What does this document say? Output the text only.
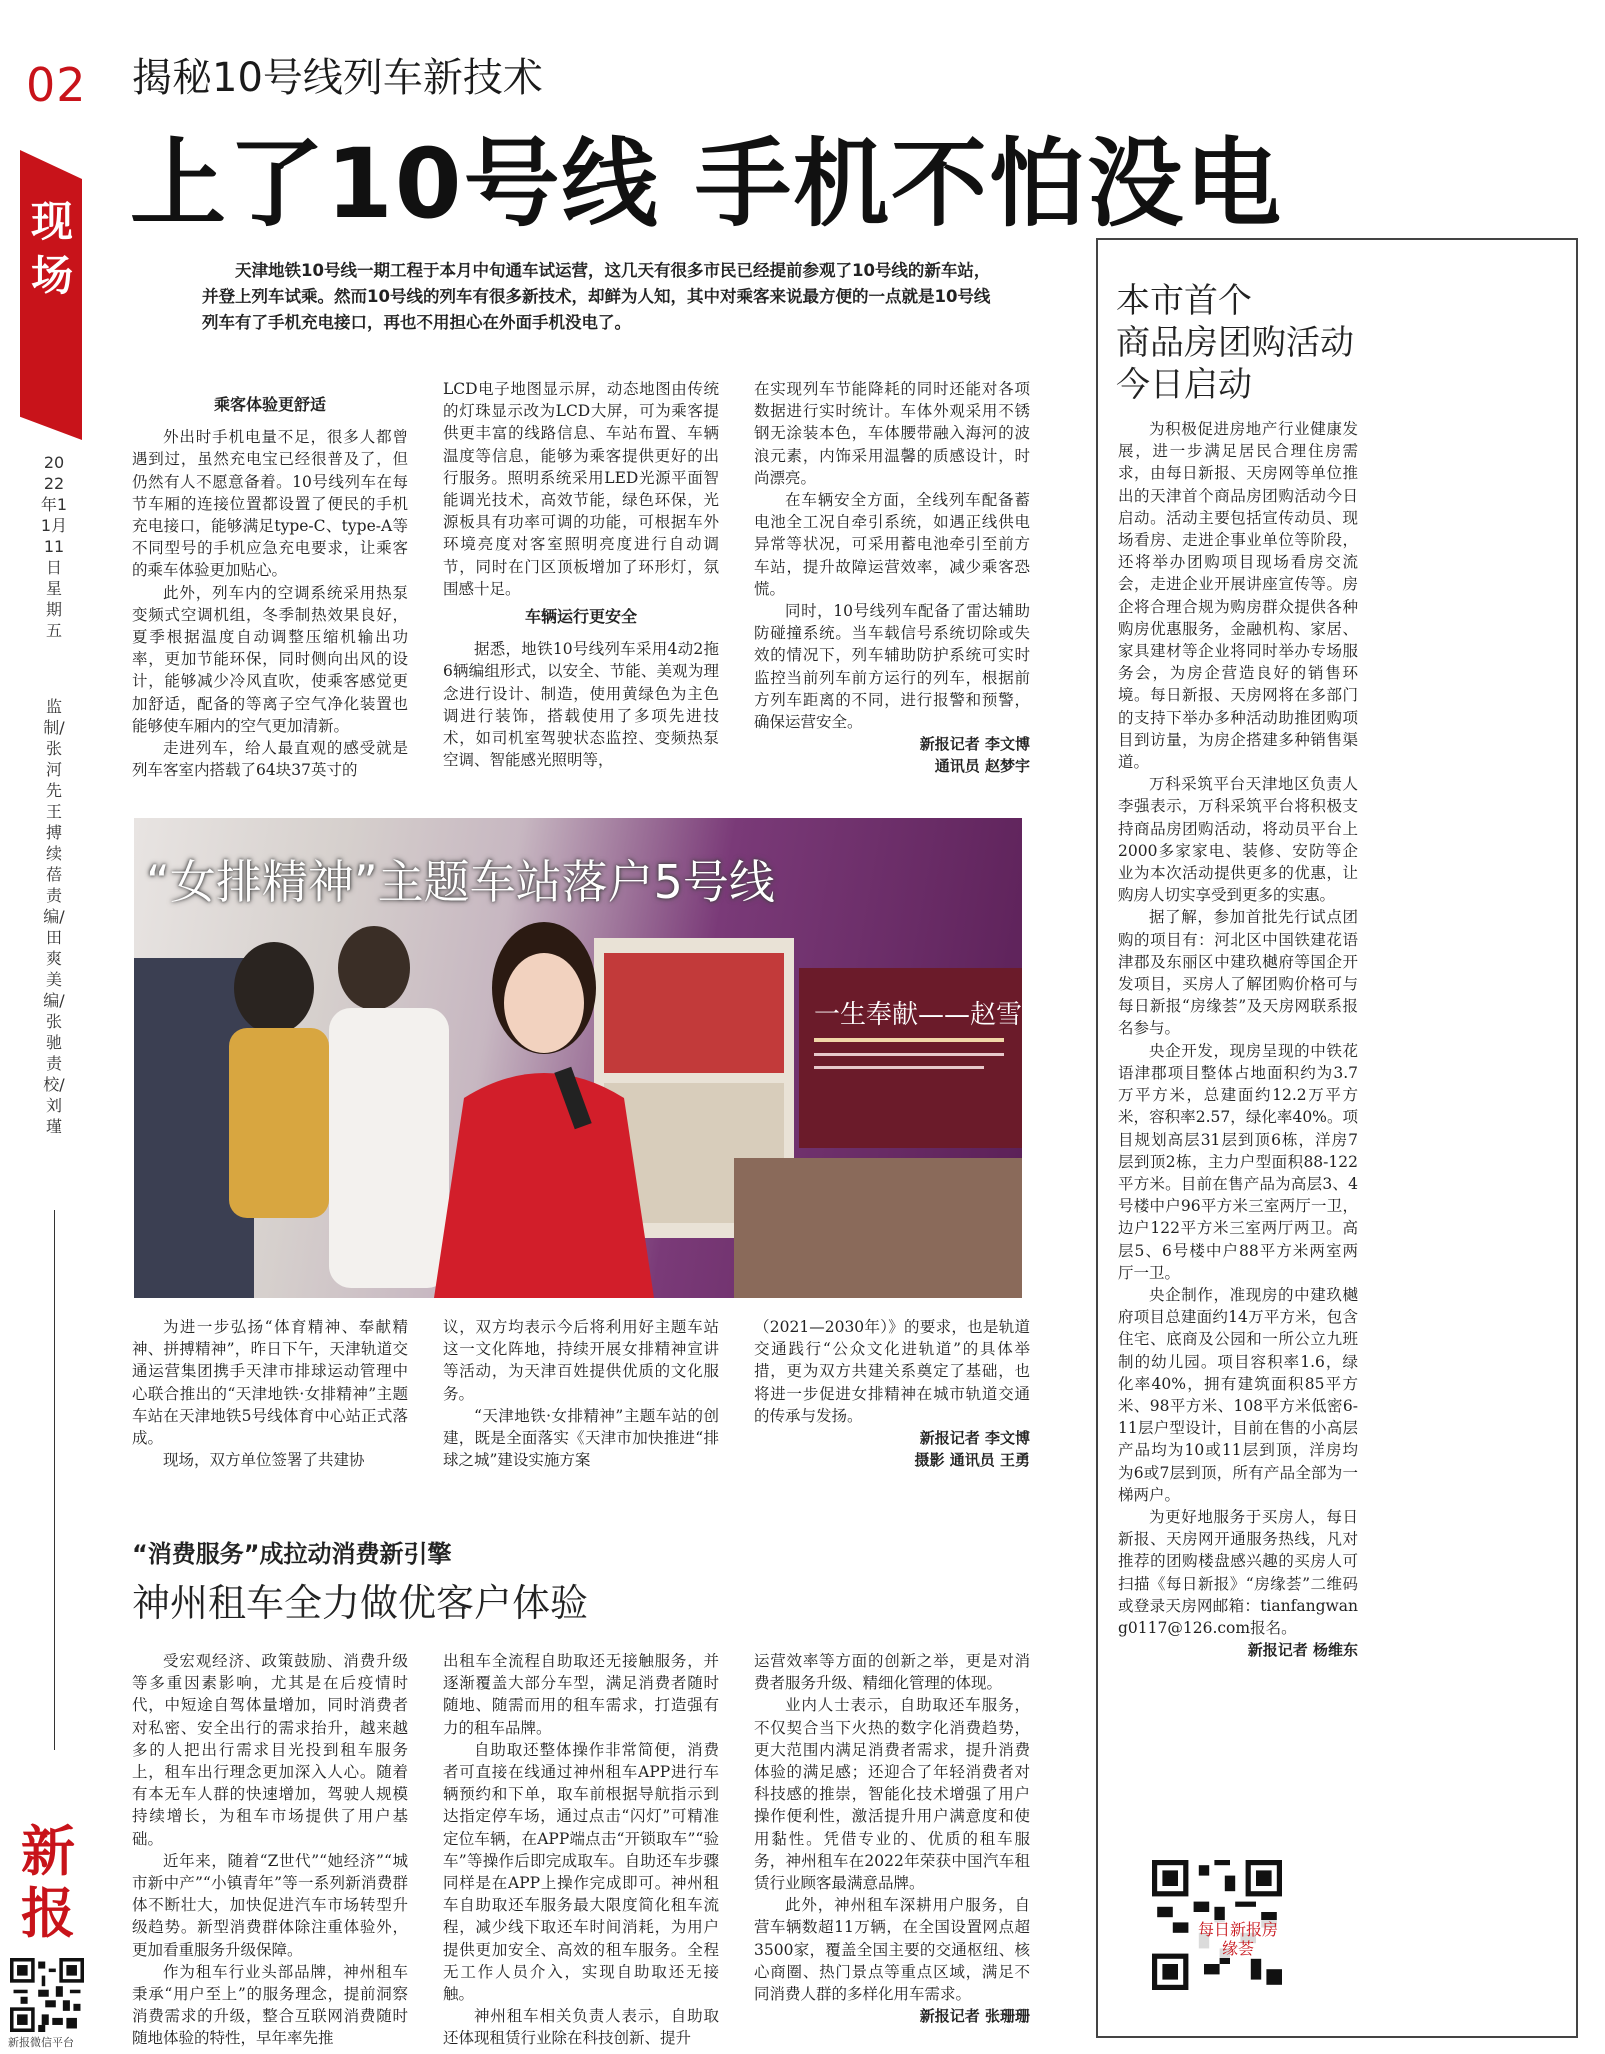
02
现场
2022年11月11日 星期五
监制/张河先 王搏 续蓓 责编/田爽 美编/张驰 责校/刘瑾
新报
新报微信平台
揭秘10号线列车新技术
上了10号线 手机不怕没电
天津地铁10号线一期工程于本月中旬通车试运营，这几天有很多市民已经提前参观了10号线的新车站，并登上列车试乘。然而10号线的列车有很多新技术，却鲜为人知，其中对乘客来说最方便的一点就是10号线列车有了手机充电接口，再也不用担心在外面手机没电了。
乘客体验更舒适

外出时手机电量不足，很多人都曾遇到过，虽然充电宝已经很普及了，但仍然有人不愿意备着。10号线列车在每节车厢的连接位置都设置了便民的手机充电接口，能够满足type-C、type-A等不同型号的手机应急充电要求，让乘客的乘车体验更加贴心。

此外，列车内的空调系统采用热泵变频式空调机组，冬季制热效果良好，夏季根据温度自动调整压缩机输出功率，更加节能环保，同时侧向出风的设计，能够减少冷风直吹，使乘客感觉更加舒适，配备的等离子空气净化装置也能够使车厢内的空气更加清新。

走进列车，给人最直观的感受就是列车客室内搭载了64块37英寸的

LCD电子地图显示屏，动态地图由传统的灯珠显示改为LCD大屏，可为乘客提供更丰富的线路信息、车站布置、车辆温度等信息，能够为乘客提供更好的出行服务。照明系统采用LED光源平面智能调光技术，高效节能，绿色环保，光源板具有功率可调的功能，可根据车外环境亮度对客室照明亮度进行自动调节，同时在门区顶板增加了环形灯，氛围感十足。

车辆运行更安全

据悉，地铁10号线列车采用4动2拖6辆编组形式，以安全、节能、美观为理念进行设计、制造，使用黄绿色为主色调进行装饰，搭载使用了多项先进技术，如司机室驾驶状态监控、变频热泵空调、智能感光照明等，

在实现列车节能降耗的同时还能对各项数据进行实时统计。车体外观采用不锈钢无涂装本色，车体腰带融入海河的波浪元素，内饰采用温馨的质感设计，时尚漂亮。

在车辆安全方面，全线列车配备蓄电池全工况自牵引系统，如遇正线供电异常等状况，可采用蓄电池牵引至前方车站，提升故障运营效率，减少乘客恐慌。

同时，10号线列车配备了雷达辅助防碰撞系统。当车载信号系统切除或失效的情况下，列车辅助防护系统可实时监控当前列车前方运行的列车，根据前方列车距离的不同，进行报警和预警，确保运营安全。

新报记者 李文博
通讯员 赵梦宇
一生奉献——赵雪瑛
“女排精神”主题车站落户5号线

为进一步弘扬“体育精神、奉献精神、拼搏精神”，昨日下午，天津轨道交通运营集团携手天津市排球运动管理中心联合推出的“天津地铁·女排精神”主题车站在天津地铁5号线体育中心站正式落成。

现场，双方单位签署了共建协

议，双方均表示今后将利用好主题车站这一文化阵地，持续开展女排精神宣讲等活动，为天津百姓提供优质的文化服务。

“天津地铁·女排精神”主题车站的创建，既是全面落实《天津市加快推进“排球之城”建设实施方案

（2021—2030年）》的要求，也是轨道交通践行“公众文化进轨道”的具体举措，更为双方共建关系奠定了基础，也将进一步促进女排精神在城市轨道交通的传承与发扬。

新报记者 李文博
摄影 通讯员 王勇
“消费服务”成拉动消费新引擎
神州租车全力做优客户体验

受宏观经济、政策鼓励、消费升级等多重因素影响，尤其是在后疫情时代，中短途自驾体量增加，同时消费者对私密、安全出行的需求抬升，越来越多的人把出行需求目光投到租车服务上，租车出行理念更加深入人心。随着有本无车人群的快速增加，驾驶人规模持续增长，为租车市场提供了用户基础。

近年来，随着“Z世代”“她经济”“城市新中产”“小镇青年”等一系列新消费群体不断壮大，加快促进汽车市场转型升级趋势。新型消费群体除注重体验外，更加看重服务升级保障。

作为租车行业头部品牌，神州租车秉承“用户至上”的服务理念，提前洞察消费需求的升级，整合互联网消费随时随地体验的特性，早年率先推

出租车全流程自助取还无接触服务，并逐渐覆盖大部分车型，满足消费者随时随地、随需而用的租车需求，打造强有力的租车品牌。

自助取还整体操作非常简便，消费者可直接在线通过神州租车APP进行车辆预约和下单，取车前根据导航指示到达指定停车场，通过点击“闪灯”可精准定位车辆，在APP端点击“开锁取车”“验车”等操作后即完成取车。自助还车步骤同样是在APP上操作完成即可。神州租车自助取还车服务最大限度简化租车流程，减少线下取还车时间消耗，为用户提供更加安全、高效的租车服务。全程无工作人员介入，实现自助取还无接触。

神州租车相关负责人表示，自助取还体现租赁行业除在科技创新、提升

运营效率等方面的创新之举，更是对消费者服务升级、精细化管理的体现。

业内人士表示，自助取还车服务，不仅契合当下火热的数字化消费趋势，更大范围内满足消费者需求，提升消费体验的满足感；还迎合了年轻消费者对科技感的推崇，智能化技术增强了用户操作便利性，激活提升用户满意度和使用黏性。凭借专业的、优质的租车服务，神州租车在2022年荣获中国汽车租赁行业顾客最满意品牌。

此外，神州租车深耕用户服务，自营车辆数超11万辆，在全国设置网点超3500家，覆盖全国主要的交通枢纽、核心商圈、热门景点等重点区域，满足不同消费人群的多样化用车需求。

新报记者 张珊珊
本市首个
商品房团购活动
今日启动

为积极促进房地产行业健康发展，进一步满足居民合理住房需求，由每日新报、天房网等单位推出的天津首个商品房团购活动今日启动。活动主要包括宣传动员、现场看房、走进企事业单位等阶段，还将举办团购项目现场看房交流会，走进企业开展讲座宣传等。房企将合理合规为购房群众提供各种购房优惠服务，金融机构、家居、家具建材等企业将同时举办专场服务会，为房企营造良好的销售环境。每日新报、天房网将在多部门的支持下举办多种活动助推团购项目到访量，为房企搭建多种销售渠道。

万科采筑平台天津地区负责人李强表示，万科采筑平台将积极支持商品房团购活动，将动员平台上2000多家家电、装修、安防等企业为本次活动提供更多的优惠，让购房人切实享受到更多的实惠。

据了解，参加首批先行试点团购的项目有：河北区中国铁建花语津郡及东丽区中建玖樾府等国企开发项目，买房人了解团购价格可与每日新报“房缘荟”及天房网联系报名参与。

央企开发，现房呈现的中铁花语津郡项目整体占地面积约为3.7万平方米，总建面约12.2万平方米，容积率2.57，绿化率40%。项目规划高层31层到顶6栋，洋房7层到顶2栋，主力户型面积88-122平方米。目前在售产品为高层3、4号楼中户96平方米三室两厅一卫，边户122平方米三室两厅两卫。高层5、6号楼中户88平方米两室两厅一卫。

央企制作，准现房的中建玖樾府项目总建面约14万平方米，包含住宅、底商及公园和一所公立九班制的幼儿园。项目容积率1.6，绿化率40%，拥有建筑面积85平方米、98平方米、108平方米低密6-11层户型设计，目前在售的小高层产品均为10或11层到顶，洋房均为6或7层到顶，所有产品全部为一梯两户。

为更好地服务于买房人，每日新报、天房网开通服务热线，凡对推荐的团购楼盘感兴趣的买房人可扫描《每日新报》“房缘荟”二维码或登录天房网邮箱：tianfangwang0117@126.com报名。

新报记者 杨维东
每日新报房缘荟
